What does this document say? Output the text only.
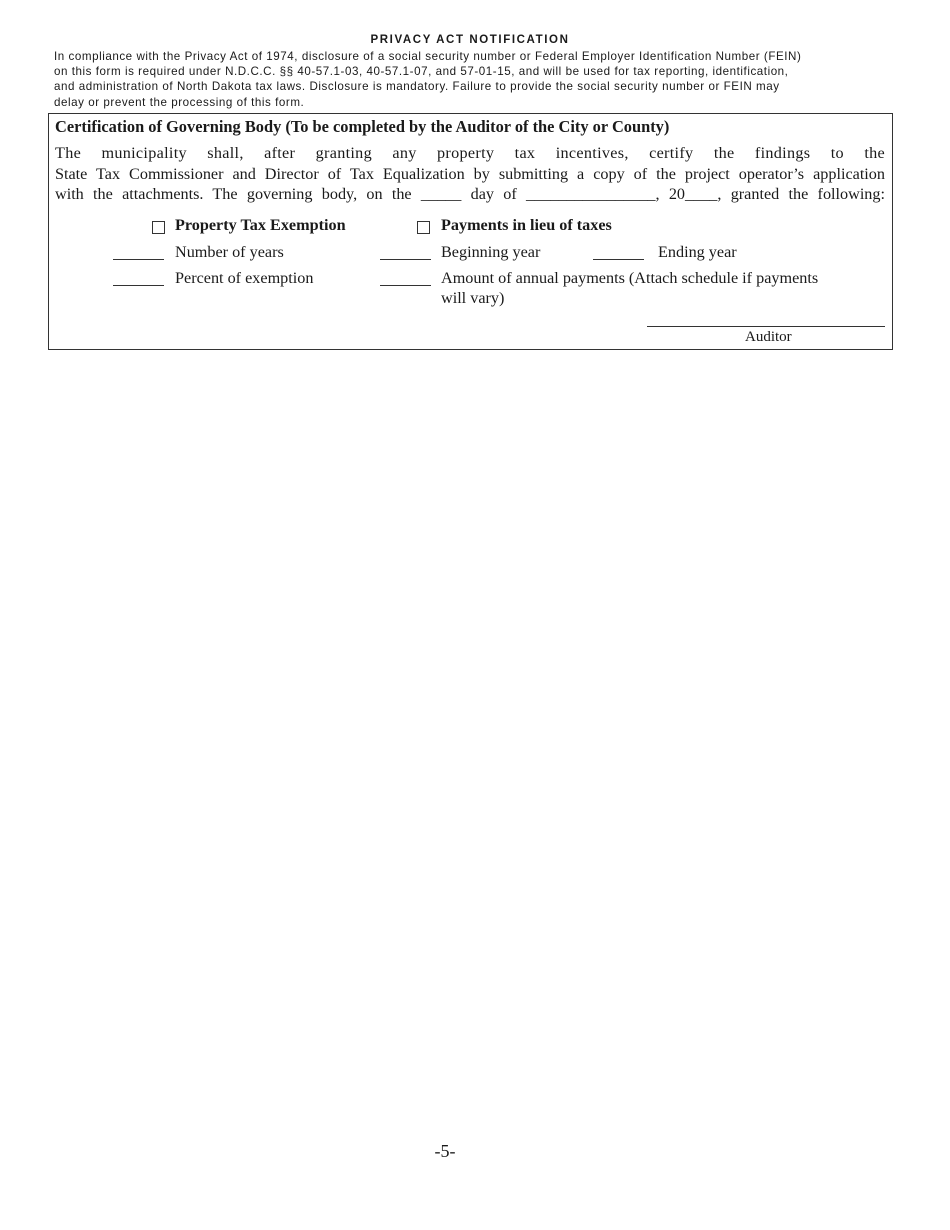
PRIVACY ACT NOTIFICATION
In compliance with the Privacy Act of 1974, disclosure of a social security number or Federal Employer Identification Number (FEIN)
on this form is required under N.D.C.C. §§ 40-57.1-03, 40-57.1-07, and 57-01-15, and will be used for tax reporting, identification,
and administration of North Dakota tax laws. Disclosure is mandatory. Failure to provide the social security number or FEIN may
delay or prevent the processing of this form.
Certification of Governing Body (To be completed by the Auditor of the City or County)
The municipality shall, after granting any property tax incentives, certify the findings to the
State Tax Commissioner and Director of Tax Equalization by submitting a copy of the project operator’s application
with the attachments. The governing body, on the _____ day of ________________, 20____, granted the following:
Property Tax Exemption	Payments in lieu of taxes
Number of years	Beginning year	Ending year
Percent of exemption	Amount of annual payments (Attach schedule if payments
will vary)
Auditor
-5-
